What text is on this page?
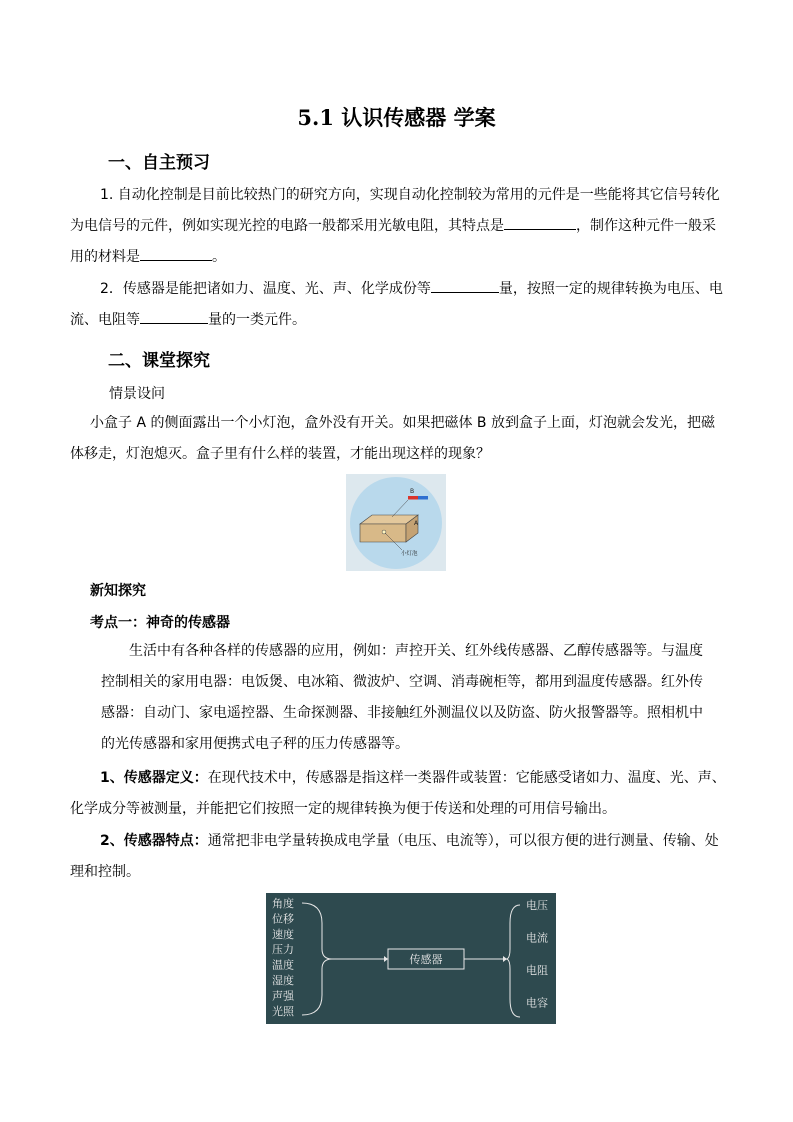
5.1 认识传感器 学案
一、自主预习
1. 自动化控制是目前比较热门的研究方向，实现自动化控制较为常用的元件是一些能将其它信号转化
为电信号的元件，例如实现光控的电路一般都采用光敏电阻，其特点是	，制作这种元件一般采
用的材料是	。
2．传感器是能把诸如力、温度、光、声、化学成份等	量，按照一定的规律转换为电压、电
流、电阻等	量的一类元件。
二、课堂探究
情景设问
小盒子 A 的侧面露出一个小灯泡，盒外没有开关。如果把磁体 B 放到盒子上面，灯泡就会发光，把磁
体移走，灯泡熄灭。盒子里有什么样的装置，才能出现这样的现象？
B
A
小灯泡
新知探究
考点一：神奇的传感器
生活中有各种各样的传感器的应用，例如：声控开关、红外线传感器、乙醇传感器等。与温度
控制相关的家用电器：电饭煲、电冰箱、微波炉、空调、消毒碗柜等，都用到温度传感器。红外传
感器：自动门、家电遥控器、生命探测器、非接触红外测温仪以及防盗、防火报警器等。照相机中
的光传感器和家用便携式电子秤的压力传感器等。
1、传感器定义：在现代技术中，传感器是指这样一类器件或装置：它能感受诸如力、温度、光、声、
化学成分等被测量，并能把它们按照一定的规律转换为便于传送和处理的可用信号输出。
2、传感器特点：通常把非电学量转换成电学量（电压、电流等），可以很方便的进行测量、传输、处
理和控制。
角度
位移
速度
压力
温度
湿度
声强
光照
传感器
电压
电流
电阻
电容
